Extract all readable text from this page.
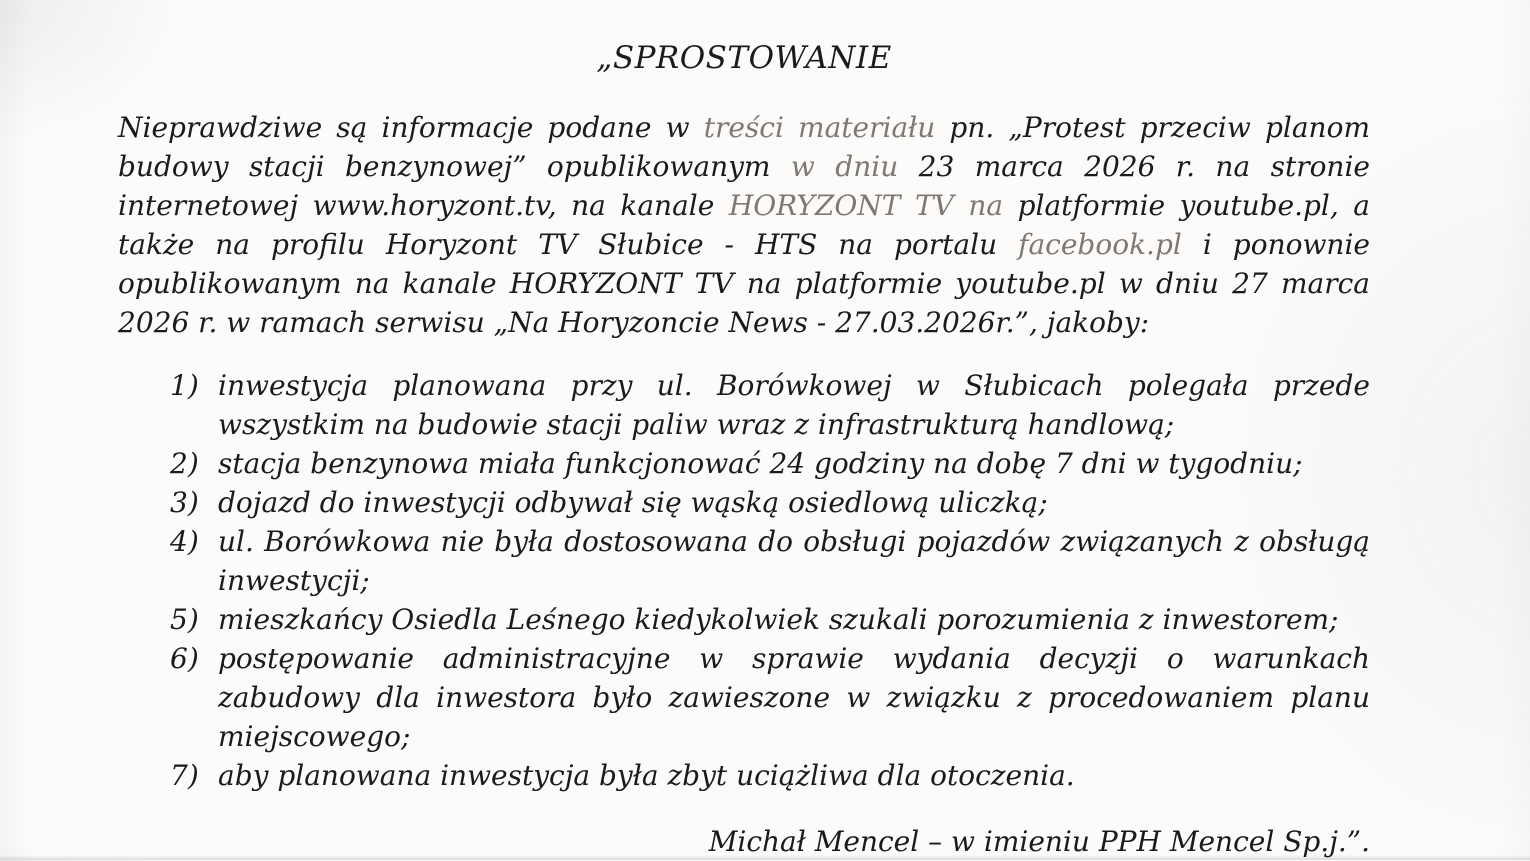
„SPROSTOWANIE

Nieprawdziwe są informacje podane w treści materiału pn. „Protest przeciw planom budowy stacji benzynowej” opublikowanym w dniu 23 marca 2026 r. na stronie internetowej www.horyzont.tv, na kanale HORYZONT TV na platformie youtube.pl, a także na profilu Horyzont TV Słubice - HTS na portalu facebook.pl i ponownie opublikowanym na kanale HORYZONT TV na platformie youtube.pl w dniu 27 marca 2026 r. w ramach serwisu „Na Horyzoncie News - 27.03.2026r.”, jakoby:

1) inwestycja planowana przy ul. Borówkowej w Słubicach polegała przede wszystkim na budowie stacji paliw wraz z infrastrukturą handlową;
2) stacja benzynowa miała funkcjonować 24 godziny na dobę 7 dni w tygodniu;
3) dojazd do inwestycji odbywał się wąską osiedlową uliczką;
4) ul. Borówkowa nie była dostosowana do obsługi pojazdów związanych z obsługą inwestycji;
5) mieszkańcy Osiedla Leśnego kiedykolwiek szukali porozumienia z inwestorem;
6) postępowanie administracyjne w sprawie wydania decyzji o warunkach zabudowy dla inwestora było zawieszone w związku z procedowaniem planu miejscowego;
7) aby planowana inwestycja była zbyt uciążliwa dla otoczenia.

Michał Mencel – w imieniu PPH Mencel Sp.j.”.
